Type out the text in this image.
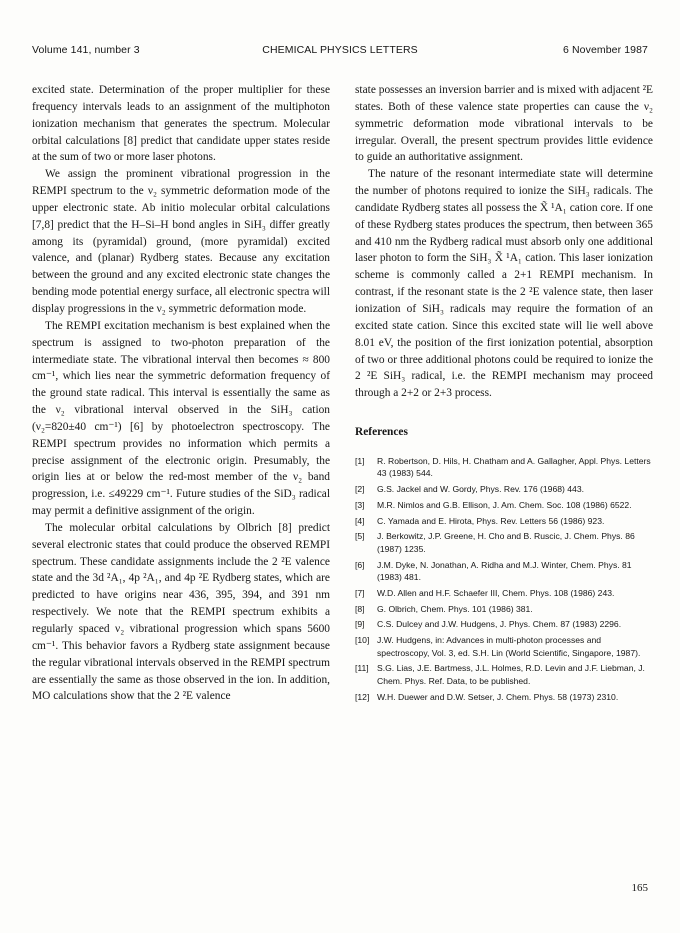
Volume 141, number 3	CHEMICAL PHYSICS LETTERS	6 November 1987

excited state. Determination of the proper multiplier for these frequency intervals leads to an assignment of the multiphoton ionization mechanism that generates the spectrum. Molecular orbital calculations [8] predict that candidate upper states reside at the sum of two or more laser photons.

We assign the prominent vibrational progression in the REMPI spectrum to the ν₂ symmetric deformation mode of the upper electronic state. Ab initio molecular orbital calculations [7,8] predict that the H–Si–H bond angles in SiH₃ differ greatly among its (pyramidal) ground, (more pyramidal) excited valence, and (planar) Rydberg states. Because any excitation between the ground and any excited electronic state changes the bending mode potential energy surface, all electronic spectra will display progressions in the ν₂ symmetric deformation mode.

The REMPI excitation mechanism is best explained when the spectrum is assigned to two-photon preparation of the intermediate state. The vibrational interval then becomes ≈ 800 cm⁻¹, which lies near the symmetric deformation frequency of the ground state radical. This interval is essentially the same as the ν₂ vibrational interval observed in the SiH₃ cation (ν₂=820±40 cm⁻¹) [6] by photoelectron spectroscopy. The REMPI spectrum provides no information which permits a precise assignment of the electronic origin. Presumably, the origin lies at or below the red-most member of the ν₂ band progression, i.e. ≤49229 cm⁻¹. Future studies of the SiD₃ radical may permit a definitive assignment of the origin.

The molecular orbital calculations by Olbrich [8] predict several electronic states that could produce the observed REMPI spectrum. These candidate assignments include the 2 ²E valence state and the 3d ²A₁, 4p ²A₁, and 4p ²E Rydberg states, which are predicted to have origins near 436, 395, 394, and 391 nm respectively. We note that the REMPI spectrum exhibits a regularly spaced ν₂ vibrational progression which spans 5600 cm⁻¹. This behavior favors a Rydberg state assignment because the regular vibrational intervals observed in the REMPI spectrum are essentially the same as those observed in the ion. In addition, MO calculations show that the 2 ²E valence

state possesses an inversion barrier and is mixed with adjacent ²E states. Both of these valence state properties can cause the ν₂ symmetric deformation mode vibrational intervals to be irregular. Overall, the present spectrum provides little evidence to guide an authoritative assignment.

The nature of the resonant intermediate state will determine the number of photons required to ionize the SiH₃ radicals. The candidate Rydberg states all possess the X̃ ¹A₁ cation core. If one of these Rydberg states produces the spectrum, then between 365 and 410 nm the Rydberg radical must absorb only one additional laser photon to form the SiH₃ X̃ ¹A₁ cation. This laser ionization scheme is commonly called a 2+1 REMPI mechanism. In contrast, if the resonant state is the 2 ²E valence state, then laser ionization of SiH₃ radicals may require the formation of an excited state cation. Since this excited state will lie well above 8.01 eV, the position of the first ionization potential, absorption of two or three additional photons could be required to ionize the 2 ²E SiH₃ radical, i.e. the REMPI mechanism may proceed through a 2+2 or 2+3 process.

References
[1]	R. Robertson, D. Hils, H. Chatham and A. Gallagher, Appl. Phys. Letters 43 (1983) 544.
[2]	G.S. Jackel and W. Gordy, Phys. Rev. 176 (1968) 443.
[3]	M.R. Nimlos and G.B. Ellison, J. Am. Chem. Soc. 108 (1986) 6522.
[4]	C. Yamada and E. Hirota, Phys. Rev. Letters 56 (1986) 923.
[5]	J. Berkowitz, J.P. Greene, H. Cho and B. Ruscic, J. Chem. Phys. 86 (1987) 1235.
[6]	J.M. Dyke, N. Jonathan, A. Ridha and M.J. Winter, Chem. Phys. 81 (1983) 481.
[7]	W.D. Allen and H.F. Schaefer III, Chem. Phys. 108 (1986) 243.
[8]	G. Olbrich, Chem. Phys. 101 (1986) 381.
[9]	C.S. Dulcey and J.W. Hudgens, J. Phys. Chem. 87 (1983) 2296.
[10] J.W. Hudgens, in: Advances in multi-photon processes and spectroscopy, Vol. 3, ed. S.H. Lin (World Scientific, Singapore, 1987).
[11] S.G. Lias, J.E. Bartmess, J.L. Holmes, R.D. Levin and J.F. Liebman, J. Chem. Phys. Ref. Data, to be published.
[12] W.H. Duewer and D.W. Setser, J. Chem. Phys. 58 (1973) 2310.
165
